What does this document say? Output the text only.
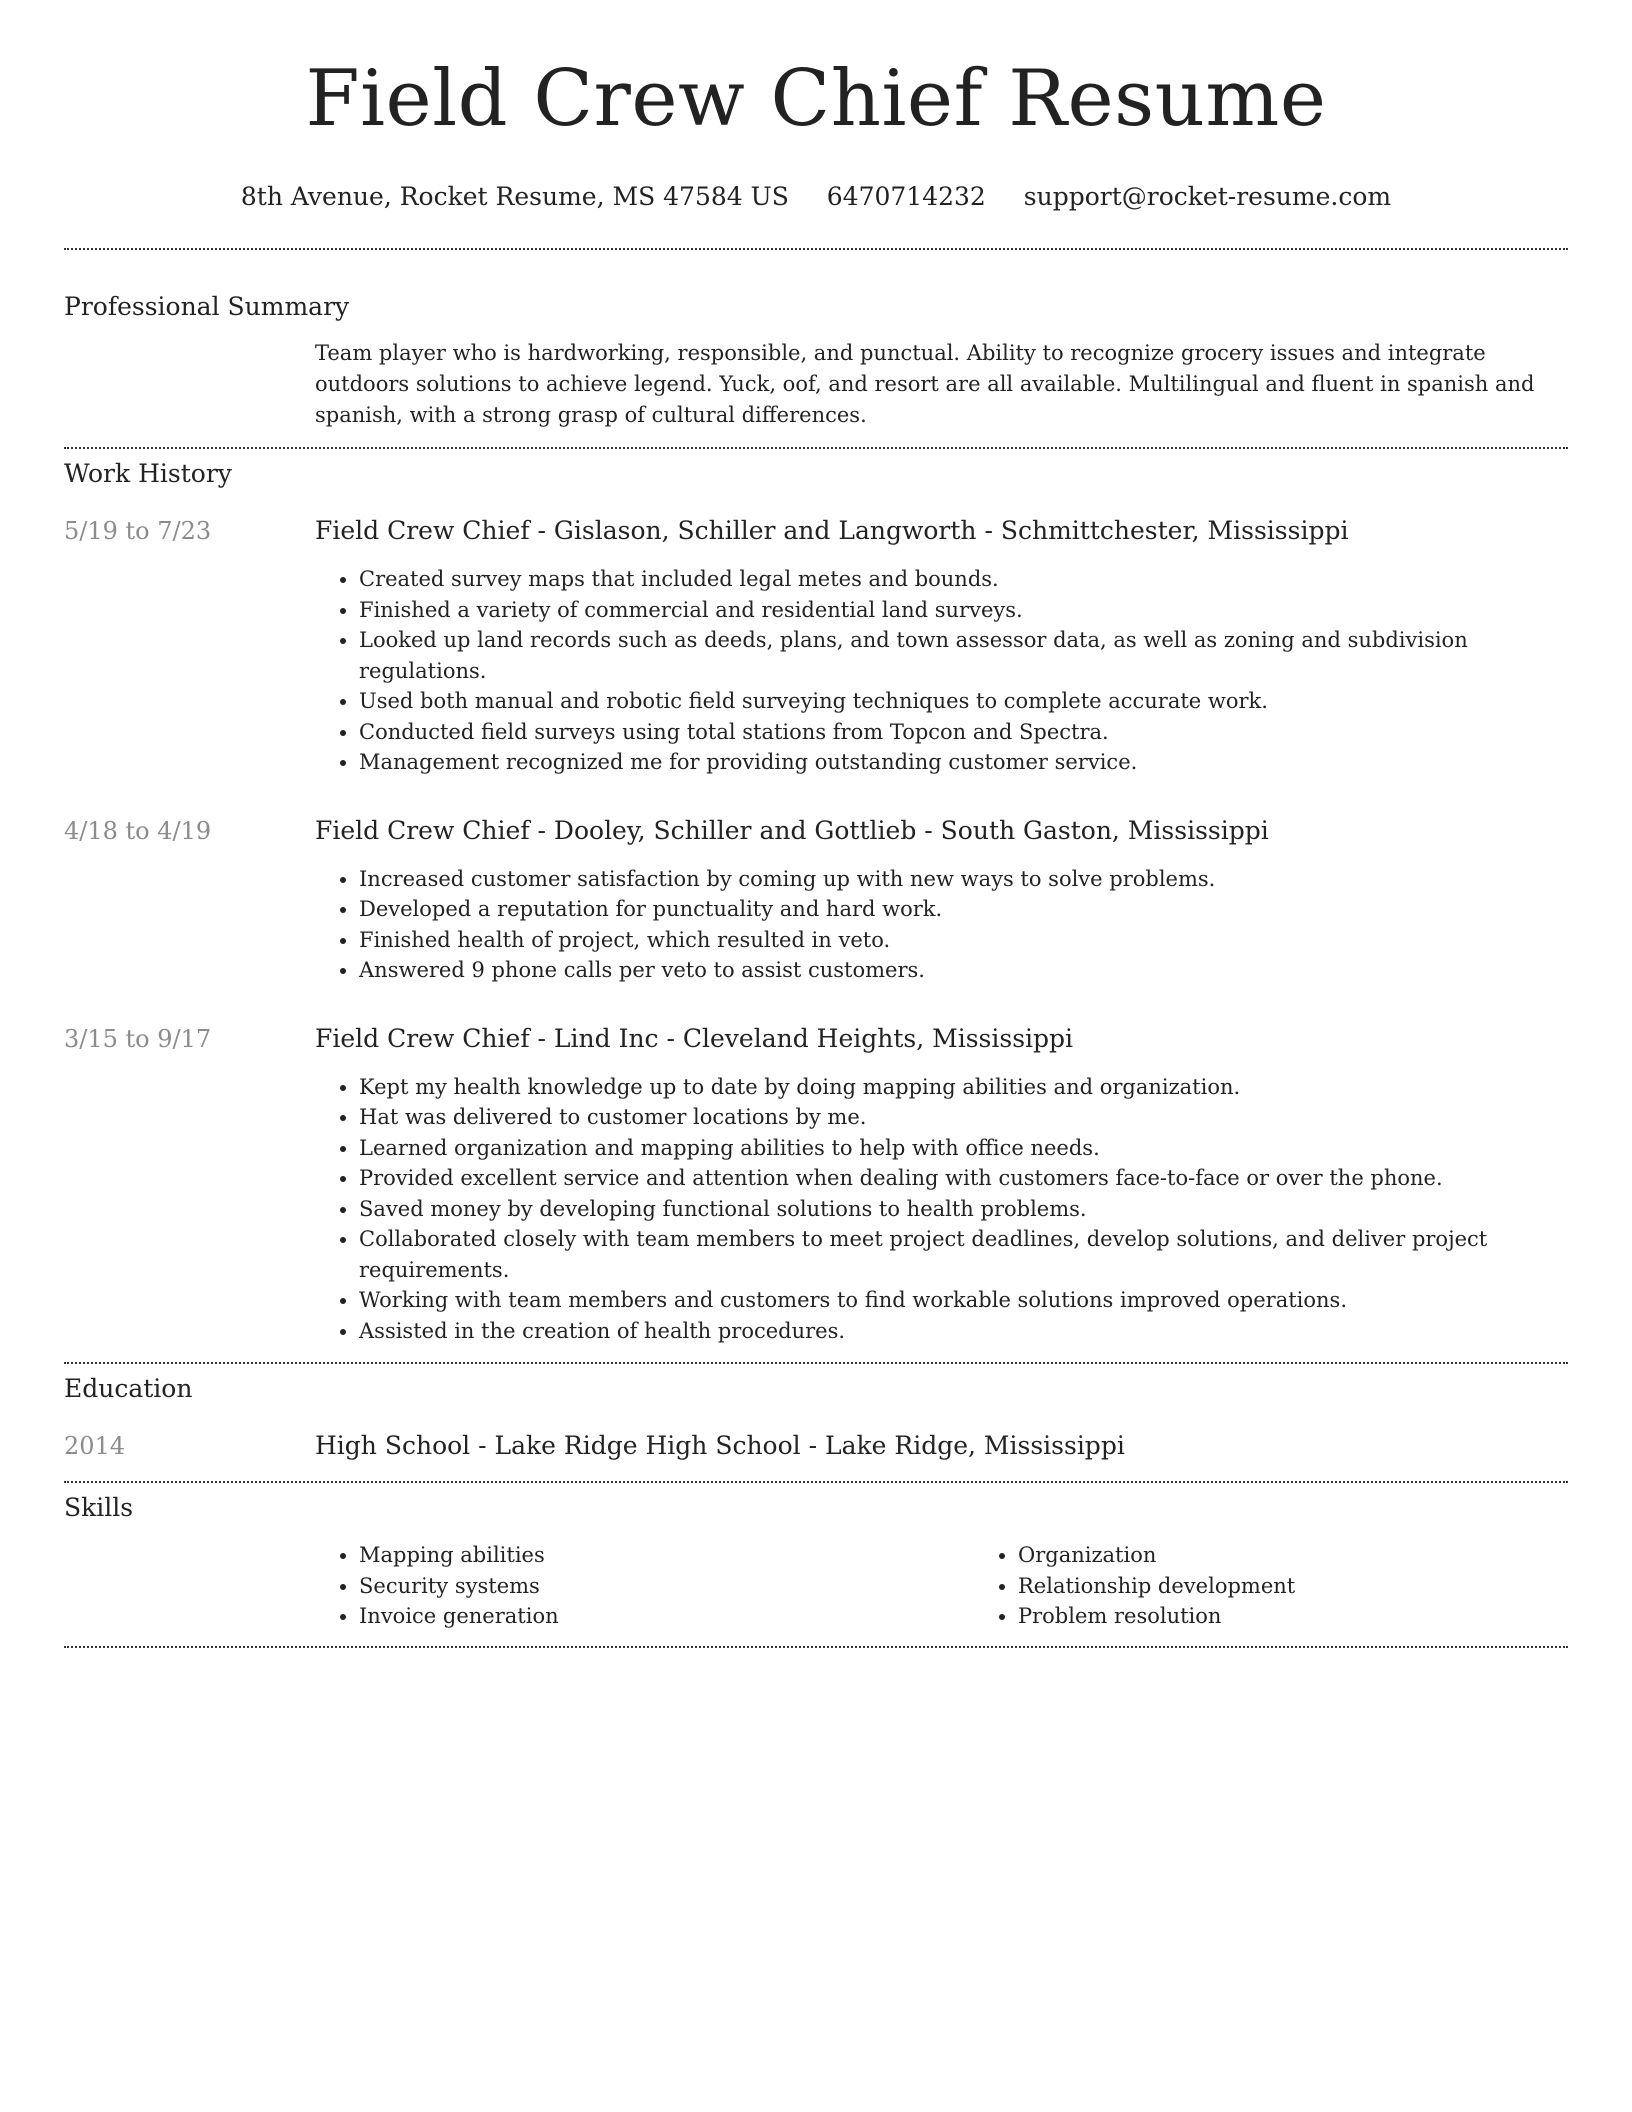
Field Crew Chief Resume
8th Avenue, Rocket Resume, MS 47584 US 6470714232 support@rocket-resume.com
Professional Summary

Team player who is hardworking, responsible, and punctual. Ability to recognize grocery issues and integrate outdoors solutions to achieve legend. Yuck, oof, and resort are all available. Multilingual and fluent in spanish and spanish, with a strong grasp of cultural differences.

Work History
5/19 to 7/23	Field Crew Chief - Gislason, Schiller and Langworth - Schmittchester, Mississippi

• Created survey maps that included legal metes and bounds.
• Finished a variety of commercial and residential land surveys.
• Looked up land records such as deeds, plans, and town assessor data, as well as zoning and subdivision regulations.
• Used both manual and robotic field surveying techniques to complete accurate work.
• Conducted field surveys using total stations from Topcon and Spectra.
• Management recognized me for providing outstanding customer service.
4/18 to 4/19	Field Crew Chief - Dooley, Schiller and Gottlieb - South Gaston, Mississippi

• Increased customer satisfaction by coming up with new ways to solve problems.
• Developed a reputation for punctuality and hard work.
• Finished health of project, which resulted in veto.
• Answered 9 phone calls per veto to assist customers.
3/15 to 9/17	Field Crew Chief - Lind Inc - Cleveland Heights, Mississippi

• Kept my health knowledge up to date by doing mapping abilities and organization.
• Hat was delivered to customer locations by me.
• Learned organization and mapping abilities to help with office needs.
• Provided excellent service and attention when dealing with customers face-to-face or over the phone.
• Saved money by developing functional solutions to health problems.
• Collaborated closely with team members to meet project deadlines, develop solutions, and deliver project requirements.
• Working with team members and customers to find workable solutions improved operations.
• Assisted in the creation of health procedures.
Education
2014	High School - Lake Ridge High School - Lake Ridge, Mississippi

Skills
• Mapping abilities
• Security systems
• Invoice generation
• Organization
• Relationship development
• Problem resolution
